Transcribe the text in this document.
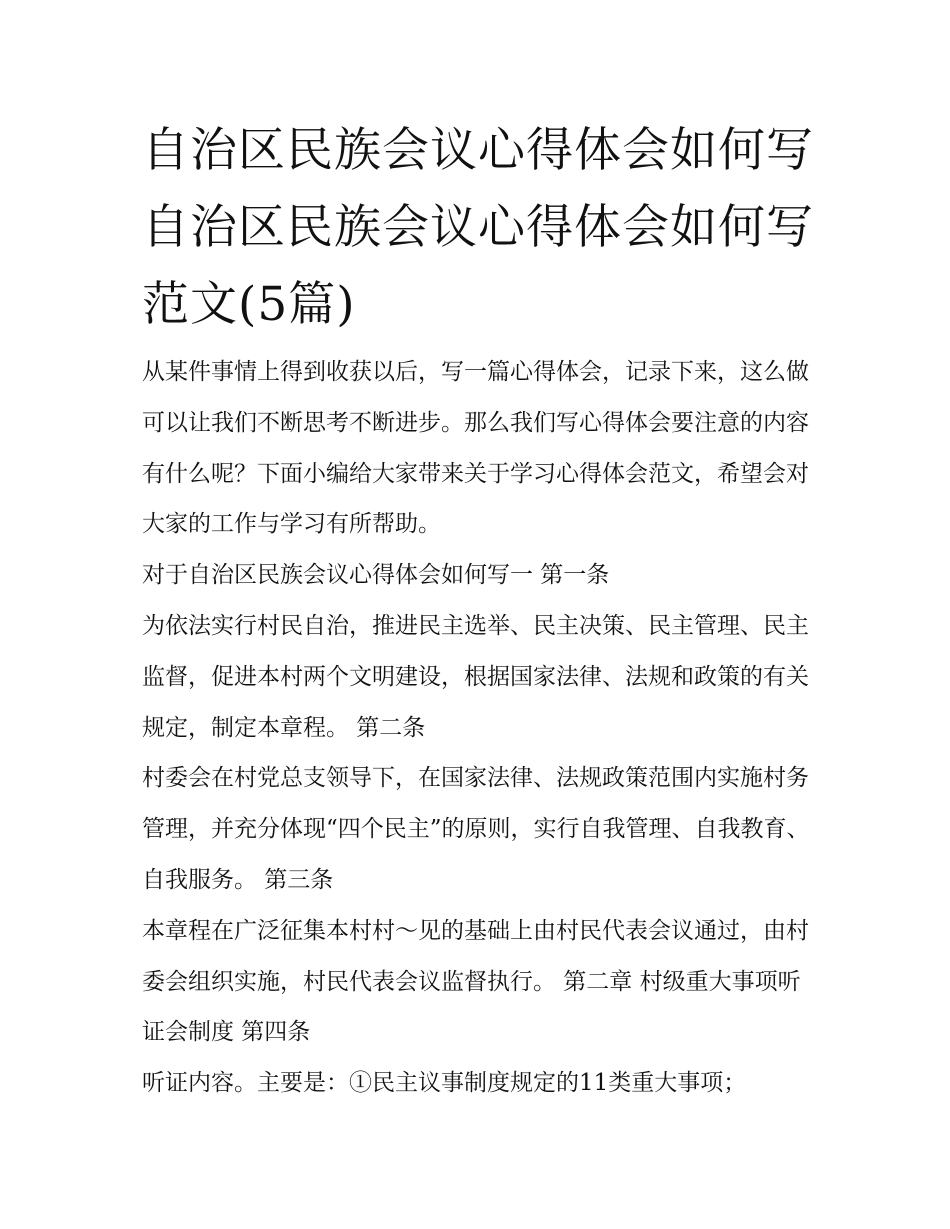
自治区民族会议心得体会如何写 自治区民族会议心得体会如何写范文(5篇)

从某件事情上得到收获以后，写一篇心得体会，记录下来，这么做可以让我们不断思考不断进步。那么我们写心得体会要注意的内容有什么呢？下面小编给大家带来关于学习心得体会范文，希望会对大家的工作与学习有所帮助。

对于自治区民族会议心得体会如何写一 第一条

为依法实行村民自治，推进民主选举、民主决策、民主管理、民主监督，促进本村两个文明建设，根据国家法律、法规和政策的有关规定，制定本章程。 第二条

村委会在村党总支领导下，在国家法律、法规政策范围内实施村务管理，并充分体现“四个民主”的原则，实行自我管理、自我教育、自我服务。 第三条

本章程在广泛征集本村村～见的基础上由村民代表会议通过，由村委会组织实施，村民代表会议监督执行。 第二章 村级重大事项听证会制度 第四条

听证内容。主要是：①民主议事制度规定的11类重大事项；
